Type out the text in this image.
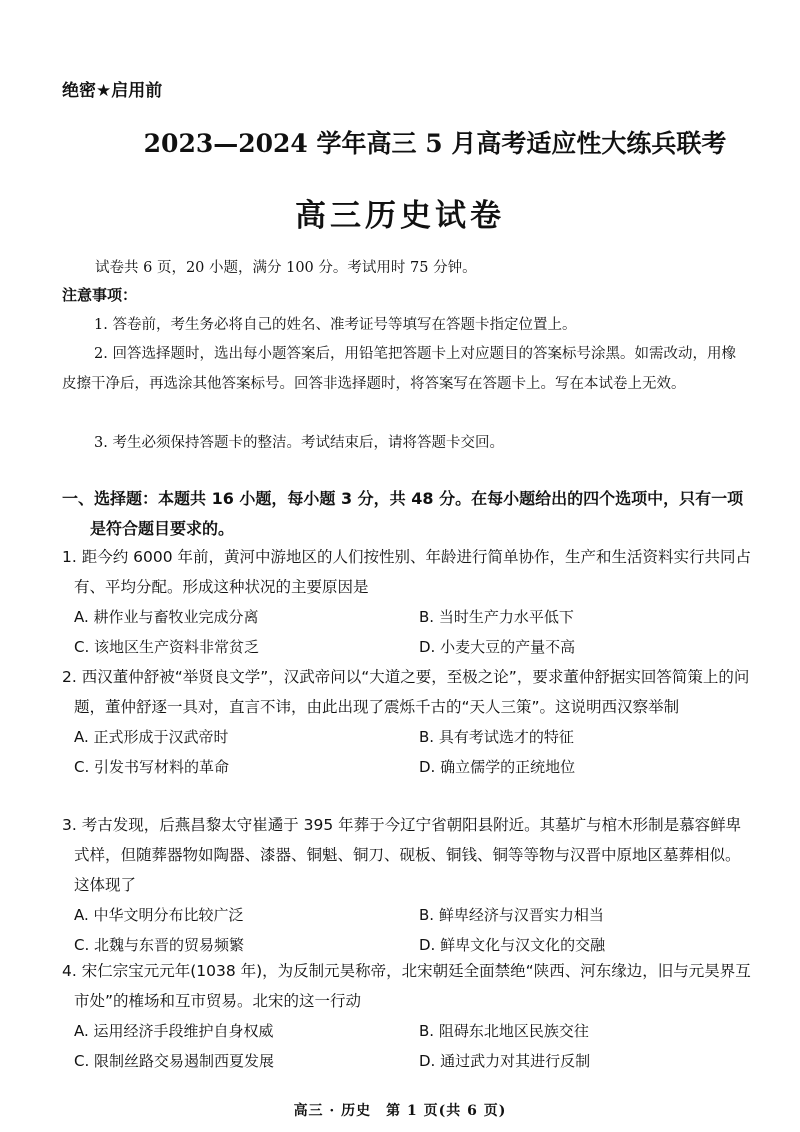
绝密★启用前
2023—2024 学年高三 5 月高考适应性大练兵联考
高三历史试卷
试卷共 6 页，20 小题，满分 100 分。考试用时 75 分钟。
注意事项：

1. 答卷前，考生务必将自己的姓名、准考证号等填写在答题卡指定位置上。

2. 回答选择题时，选出每小题答案后，用铅笔把答题卡上对应题目的答案标号涂黑。如需改动，用橡皮擦干净后，再选涂其他答案标号。回答非选择题时，将答案写在答题卡上。写在本试卷上无效。

3. 考生必须保持答题卡的整洁。考试结束后，请将答题卡交回。

一、选择题：本题共 16 小题，每小题 3 分，共 48 分。在每小题给出的四个选项中，只有一项是符合题目要求的。

1. 距今约 6000 年前，黄河中游地区的人们按性别、年龄进行简单协作，生产和生活资料实行共同占有、平均分配。形成这种状况的主要原因是

A. 耕作业与畜牧业完成分离	B. 当时生产力水平低下
C. 该地区生产资料非常贫乏	D. 小麦大豆的产量不高

2. 西汉董仲舒被“举贤良文学”，汉武帝问以“大道之要，至极之论”，要求董仲舒据实回答简策上的问题，董仲舒逐一具对，直言不讳，由此出现了震烁千古的“天人三策”。这说明西汉察举制

A. 正式形成于汉武帝时	B. 具有考试选才的特征
C. 引发书写材料的革命	D. 确立儒学的正统地位

3. 考古发现，后燕昌黎太守崔遹于 395 年葬于今辽宁省朝阳县附近。其墓圹与棺木形制是慕容鲜卑式样，但随葬器物如陶器、漆器、铜魁、铜刀、砚板、铜钱、铜等等物与汉晋中原地区墓葬相似。这体现了

A. 中华文明分布比较广泛	B. 鲜卑经济与汉晋实力相当
C. 北魏与东晋的贸易频繁	D. 鲜卑文化与汉文化的交融

4. 宋仁宗宝元元年(1038 年)，为反制元昊称帝，北宋朝廷全面禁绝“陕西、河东缘边，旧与元昊界互市处”的榷场和互市贸易。北宋的这一行动

A. 运用经济手段维护自身权威	B. 阻碍东北地区民族交往
C. 限制丝路交易遏制西夏发展	D. 通过武力对其进行反制
高三 · 历史　第 1 页(共 6 页)
